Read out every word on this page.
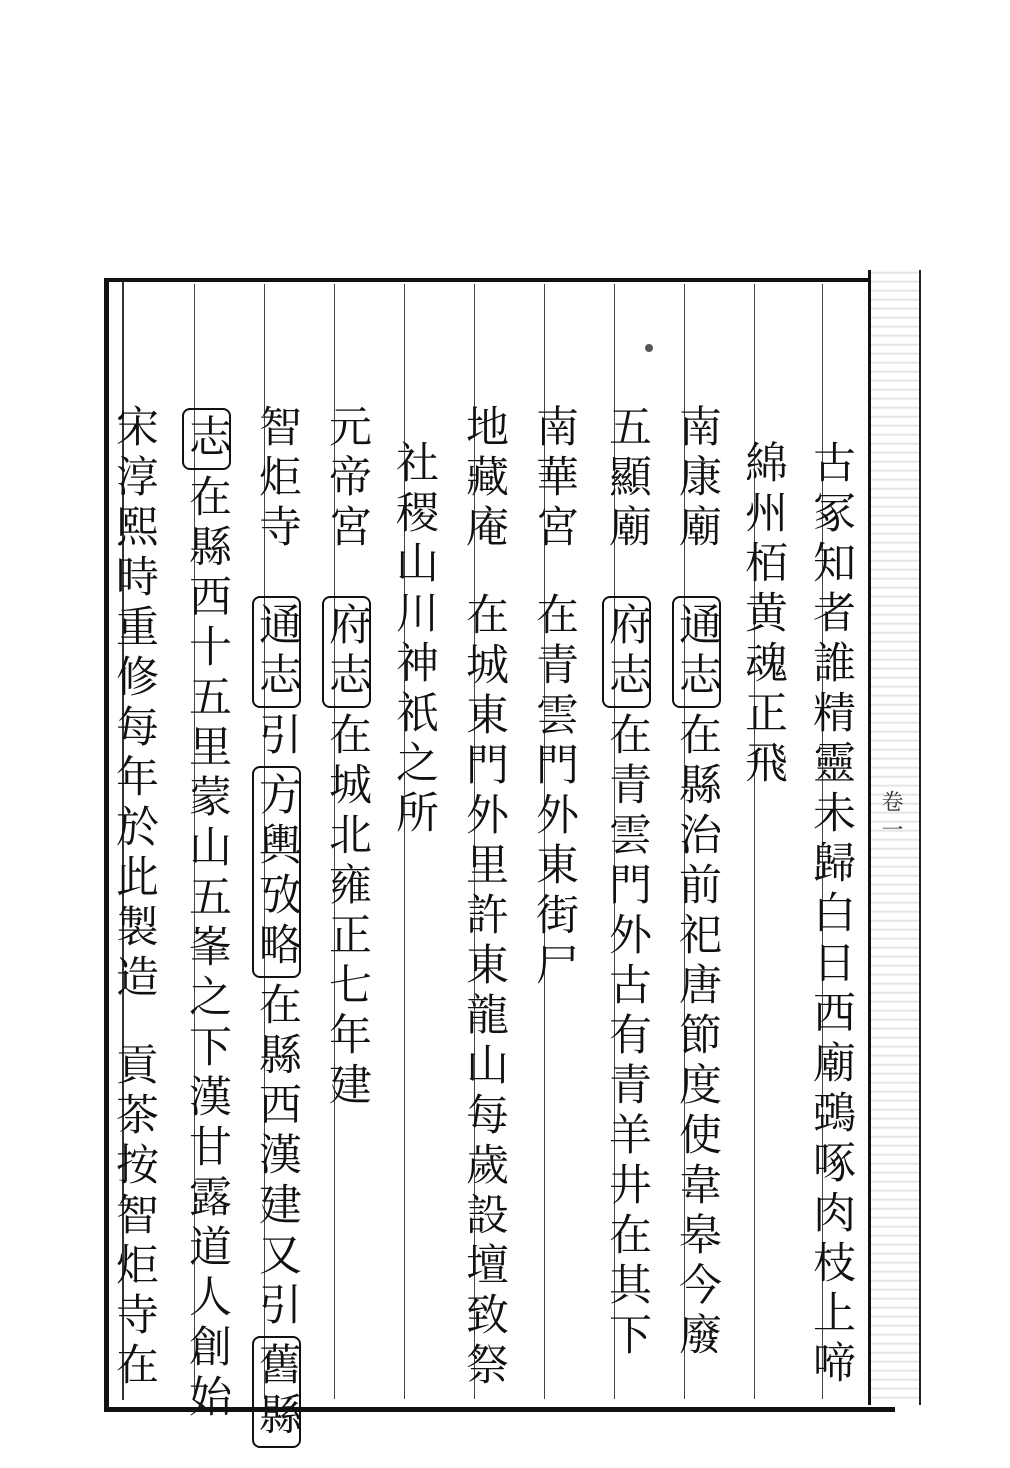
卷一
古冢知者誰精靈未歸白日西廟鵶啄肉枝上啼
綿州栢黄魂正飛
南康廟通志在縣治前祀唐節度使韋皋今廢
五顯廟府志在青雲門外古有青羊井在其下
南華宮在青雲門外東街尸
地藏庵在城東門外里許東龍山每歲設壇致祭
社稷山川神祇之所
元帝宮府志在城北雍正七年建
智炬寺通志引方輿攷略在縣西漢建又引舊縣
志在縣西十五里蒙山五峯之下漢甘露道人創始
宋淳熙時重修每年於此製造貢茶按智炬寺在
